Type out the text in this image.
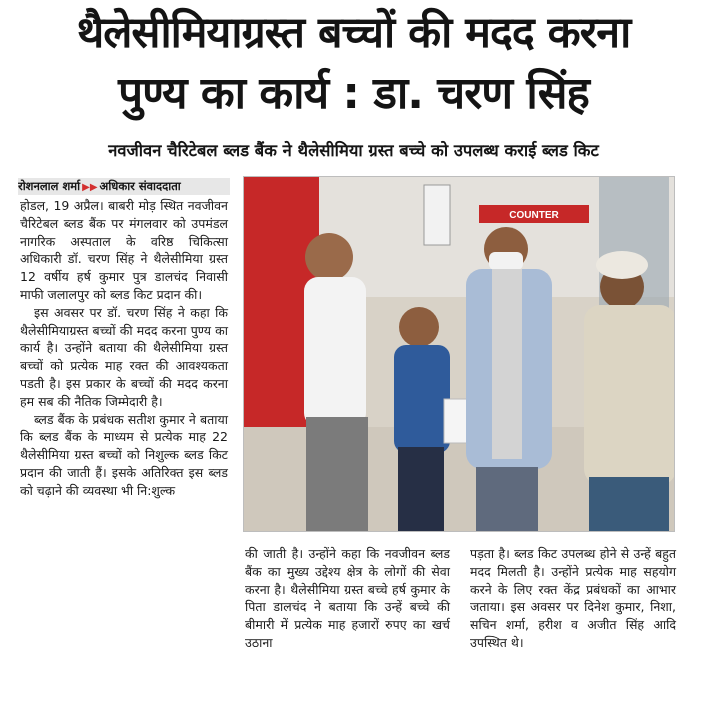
थैलेसीमियाग्रस्त बच्चों की मदद करना
पुण्य का कार्य : डा. चरण सिंह
नवजीवन चैरिटेबल ब्लड बैंक ने थैलेसीमिया ग्रस्त बच्चे को उपलब्ध कराई ब्लड किट
रोशनलाल शर्मा ▶▶ अधिकार संवाददाता

होडल, 19 अप्रैल। बाबरी मोड़ स्थित नवजीवन चैरिटेबल ब्लड बैंक पर मंगलवार को उपमंडल नागरिक अस्पताल के वरिष्ठ चिकित्सा अधिकारी डॉ. चरण सिंह ने थैलेसीमिया ग्रस्त 12 वर्षीय हर्ष कुमार पुत्र डालचंद निवासी माफी जलालपुर को ब्लड किट प्रदान की।

इस अवसर पर डॉ. चरण सिंह ने कहा कि थैलेसीमियाग्रस्त बच्चों की मदद करना पुण्य का कार्य है। उन्होंने बताया की थैलेसीमिया ग्रस्त बच्चों को प्रत्येक माह रक्त की आवश्यकता पडती है। इस प्रकार के बच्चों की मदद करना हम सब की नैतिक जिम्मेदारी है।

ब्लड बैंक के प्रबंधक सतीश कुमार ने बताया कि ब्लड बैंक के माध्यम से प्रत्येक माह 22 थैलेसीमिया ग्रस्त बच्चों को निशुल्क ब्लड किट प्रदान की जाती हैं। इसके अतिरिक्त इस ब्लड को चढ़ाने की व्यवस्था भी नि:शुल्क

COUNTER

की जाती है। उन्होंने कहा कि नवजीवन ब्लड बैंक का मुख्य उद्देश्य क्षेत्र के लोगों की सेवा करना है। थैलेसीमिया ग्रस्त बच्चे हर्ष कुमार के पिता डालचंद ने बताया कि उन्हें बच्चे की बीमारी में प्रत्येक माह हजारों रुपए का खर्च उठाना

पड़ता है। ब्लड किट उपलब्ध होने से उन्हें बहुत मदद मिलती है। उन्होंने प्रत्येक माह सहयोग करने के लिए रक्त केंद्र प्रबंधकों का आभार जताया। इस अवसर पर दिनेश कुमार, निशा, सचिन शर्मा, हरीश व अजीत सिंह आदि उपस्थित थे।
